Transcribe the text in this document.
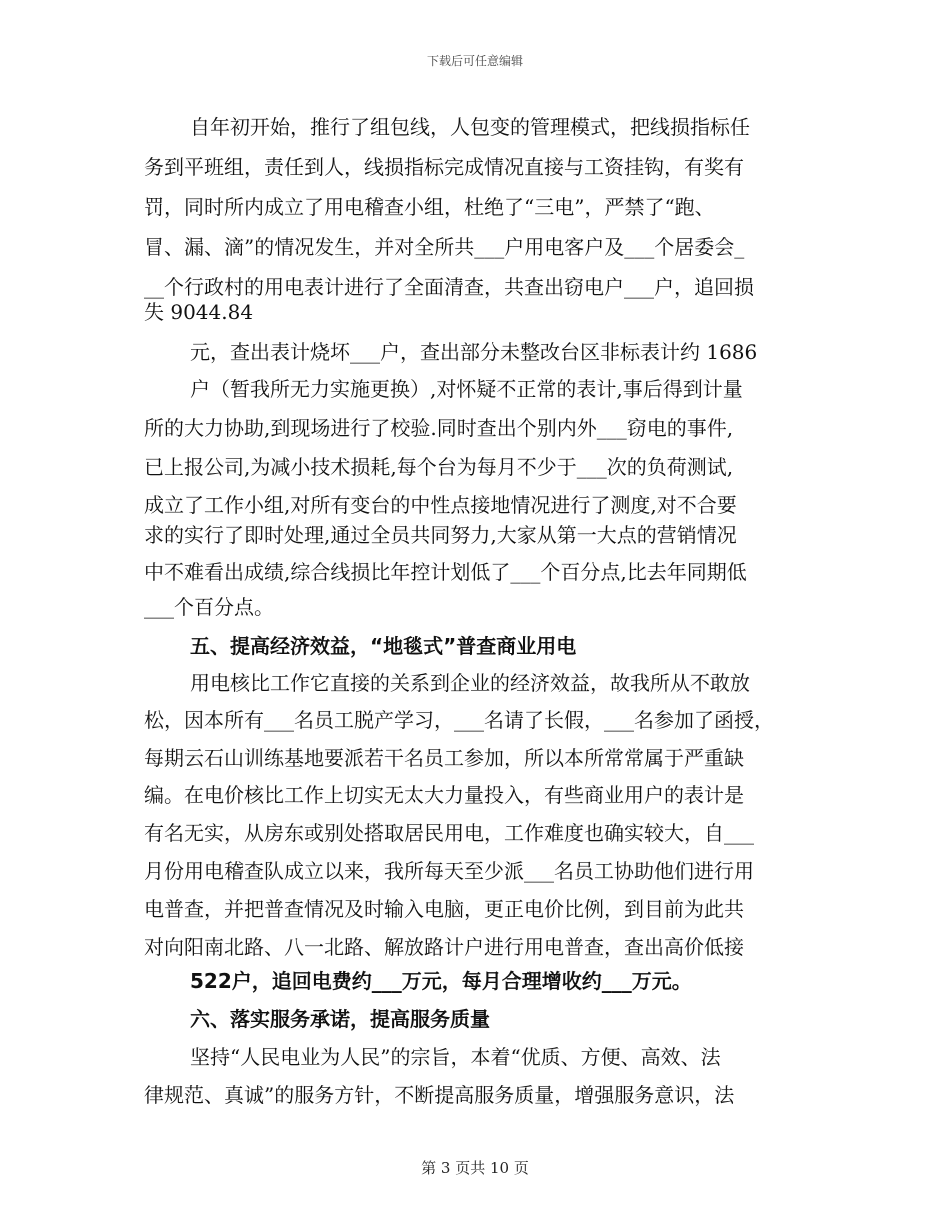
下载后可任意编辑
自年初开始，推行了组包线，人包变的管理模式，把线损指标任
务到平班组，责任到人，线损指标完成情况直接与工资挂钩，有奖有
罚，同时所内成立了用电稽查小组，杜绝了“三电”，严禁了“跑、
冒、漏、滴”的情况发生，并对全所共___户用电客户及___个居委会_
__个行政村的用电表计进行了全面清查，共查出窃电户___户，追回损
失 9044.84
元，查出表计烧坏___户，查出部分未整改台区非标表计约 1686
户（暂我所无力实施更换）,对怀疑不正常的表计,事后得到计量
所的大力协助,到现场进行了校验.同时查出个别内外___窃电的事件,
已上报公司,为减小技术损耗,每个台为每月不少于___次的负荷测试,
成立了工作小组,对所有变台的中性点接地情况进行了测度,对不合要
求的实行了即时处理,通过全员共同努力,大家从第一大点的营销情况
中不难看出成绩,综合线损比年控计划低了___个百分点,比去年同期低
___个百分点。
五、提高经济效益，“地毯式”普查商业用电
用电核比工作它直接的关系到企业的经济效益，故我所从不敢放
松，因本所有___名员工脱产学习，___名请了长假，___名参加了函授，
每期云石山训练基地要派若干名员工参加，所以本所常常属于严重缺
编。在电价核比工作上切实无太大力量投入，有些商业用户的表计是
有名无实，从房东或别处搭取居民用电，工作难度也确实较大，自___
月份用电稽查队成立以来，我所每天至少派___名员工协助他们进行用
电普查，并把普查情况及时输入电脑，更正电价比例，到目前为此共
对向阳南北路、八一北路、解放路计户进行用电普查，查出高价低接
522户，追回电费约___万元，每月合理增收约___万元。
六、落实服务承诺，提高服务质量
坚持“人民电业为人民”的宗旨，本着“优质、方便、高效、法
律规范、真诚”的服务方针，不断提高服务质量，增强服务意识，法
第 3 页共 10 页
